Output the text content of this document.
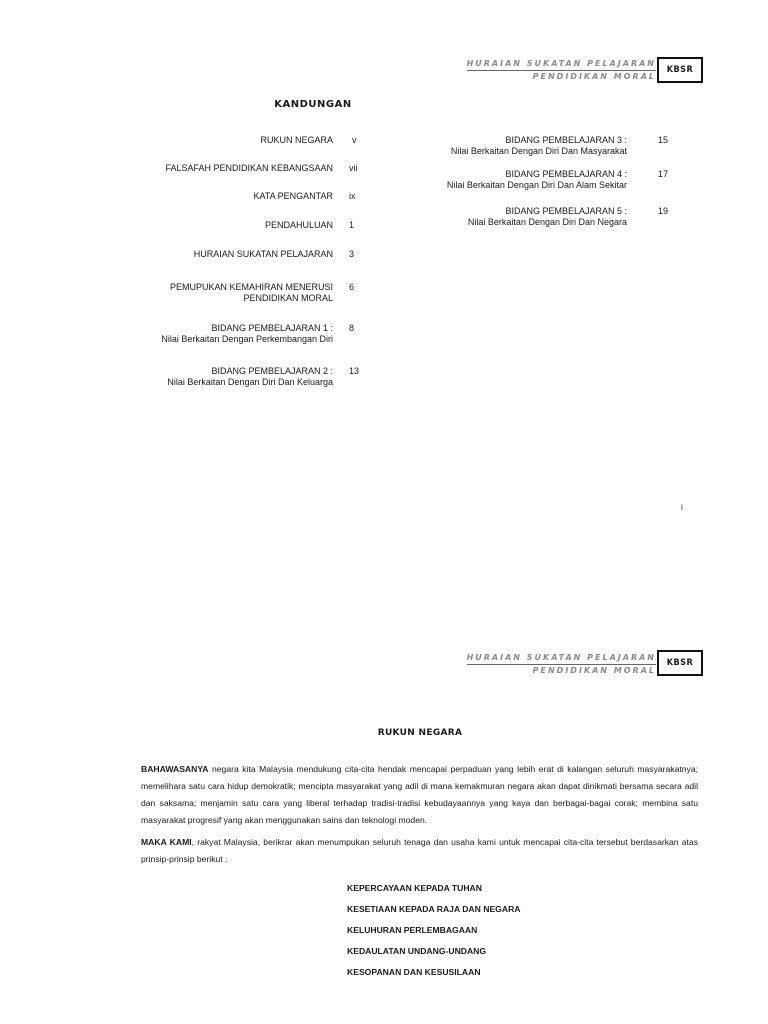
HURAIAN SUKATAN PELAJARAN
PENDIDIKAN MORAL
KBSR
KANDUNGAN
RUKUN NEGARA v
FALSAFAH PENDIDIKAN KEBANGSAAN vii
KATA PENGANTAR ix
PENDAHULUAN 1
HURAIAN SUKATAN PELAJARAN 3
PEMUPUKAN KEMAHIRAN MENERUSI
PENDIDIKAN MORAL
6
BIDANG PEMBELAJARAN 1 :
Nilai Berkaitan Dengan Perkembangan Diri
8
BIDANG PEMBELAJARAN 2 :
Nilai Berkaitan Dengan Diri Dan Keluarga
13
BIDANG PEMBELAJARAN 3 :
Nilai Berkaitan Dengan Diri Dan Masyarakat
15
BIDANG PEMBELAJARAN 4 :
Nilai Berkaitan Dengan Diri Dan Alam Sekitar
17
BIDANG PEMBELAJARAN 5 :
Nilai Berkaitan Dengan Diri Dan Negara
19
i
HURAIAN SUKATAN PELAJARAN
PENDIDIKAN MORAL
KBSR
RUKUN NEGARA
BAHAWASANYA negara kita Malaysia mendukung cita-cita hendak mencapai perpaduan yang lebih erat di kalangan seluruh masyarakatnya; memelihara satu cara hidup demokratik; mencipta masyarakat yang adil di mana kemakmuran negara akan dapat dinikmati bersama secara adil dan saksama; menjamin satu cara yang liberal terhadap tradisi-tradisi kebudayaannya yang kaya dan berbagai-bagai corak; membina satu masyarakat progresif yang akan menggunakan sains dan teknologi moden.
MAKA KAMI, rakyat Malaysia, berikrar akan menumpukan seluruh tenaga dan usaha kami untuk mencapai cita-cita tersebut berdasarkan atas prinsip-prinsip berikut :
KEPERCAYAAN KEPADA TUHAN
KESETIAAN KEPADA RAJA DAN NEGARA
KELUHURAN PERLEMBAGAAN
KEDAULATAN UNDANG-UNDANG
KESOPANAN DAN KESUSILAAN
